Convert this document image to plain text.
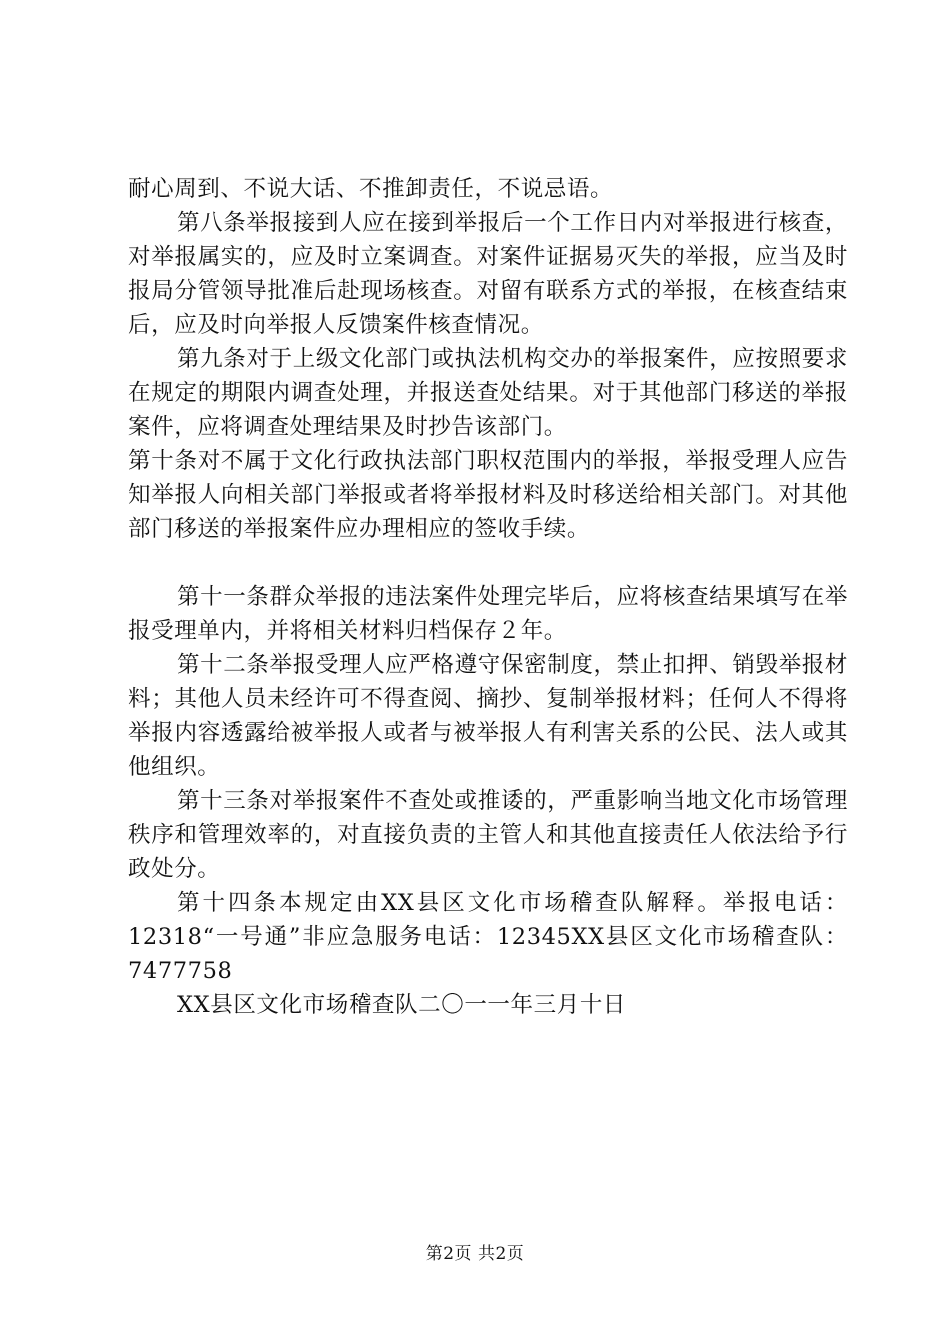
耐心周到、不说大话、不推卸责任，不说忌语。

第八条举报接到人应在接到举报后一个工作日内对举报进行核查，对举报属实的，应及时立案调查。对案件证据易灭失的举报，应当及时报局分管领导批准后赴现场核查。对留有联系方式的举报，在核查结束后，应及时向举报人反馈案件核查情况。

第九条对于上级文化部门或执法机构交办的举报案件，应按照要求在规定的期限内调查处理，并报送查处结果。对于其他部门移送的举报案件，应将调查处理结果及时抄告该部门。

第十条对不属于文化行政执法部门职权范围内的举报，举报受理人应告知举报人向相关部门举报或者将举报材料及时移送给相关部门。对其他部门移送的举报案件应办理相应的签收手续。

第十一条群众举报的违法案件处理完毕后，应将核查结果填写在举报受理单内，并将相关材料归档保存２年。

第十二条举报受理人应严格遵守保密制度，禁止扣押、销毁举报材料；其他人员未经许可不得查阅、摘抄、复制举报材料；任何人不得将举报内容透露给被举报人或者与被举报人有利害关系的公民、法人或其他组织。

第十三条对举报案件不查处或推诿的，严重影响当地文化市场管理秩序和管理效率的，对直接负责的主管人和其他直接责任人依法给予行政处分。

第十四条本规定由XX县区文化市场稽查队解释。举报电话：12318“一号通”非应急服务电话：12345XX县区文化市场稽查队：7477758

XX县区文化市场稽查队二〇一一年三月十日

第2页 共2页
